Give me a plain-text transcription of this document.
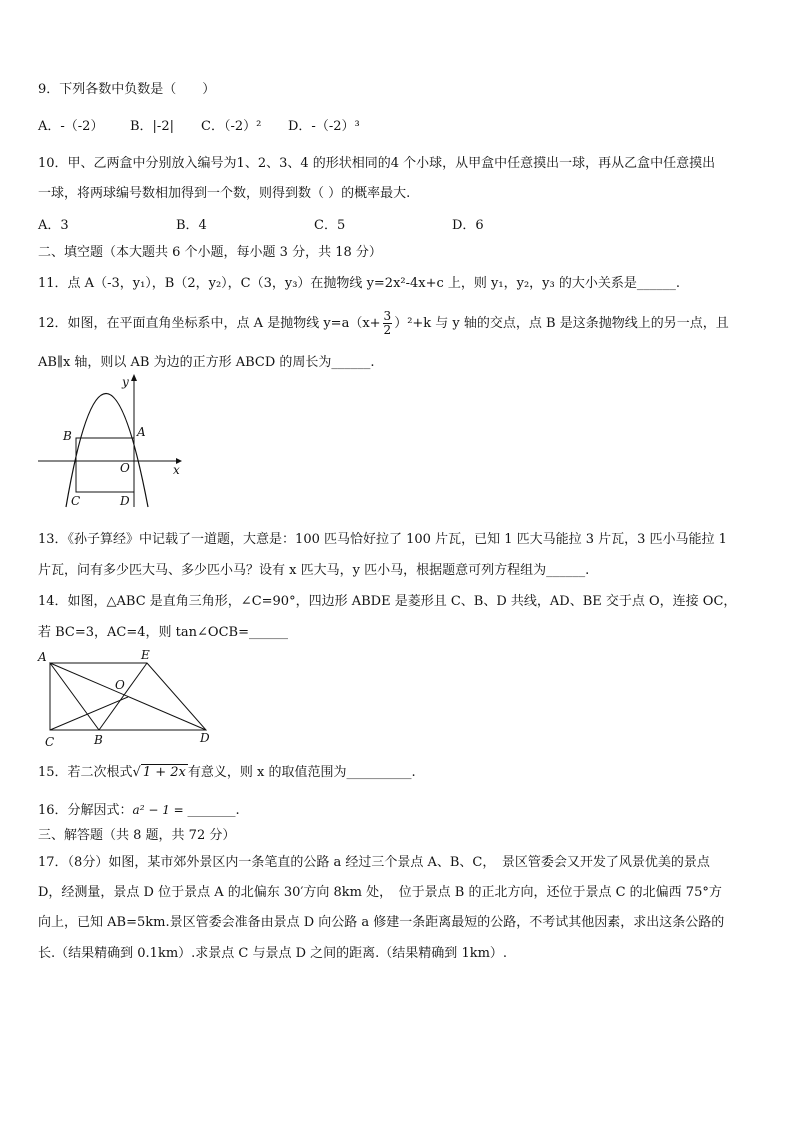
9．下列各数中负数是（　　）
A．-（-2） B．|-2| C．（-2）² D．-（-2）³
10．甲、乙两盒中分别放入编号为1、2、3、4 的形状相同的4 个小球，从甲盒中任意摸出一球，再从乙盒中任意摸出
一球，将两球编号数相加得到一个数，则得到数（ ）的概率最大.
A．3	B．4	C．5	D．6
二、填空题（本大题共 6 个小题，每小题 3 分，共 18 分）
11．点 A（-3，y₁），B（2，y₂），C（3，y₃）在抛物线 y=2x²-4x+c 上，则 y₁，y₂，y₃ 的大小关系是______.
12．如图，在平面直角坐标系中，点 A 是抛物线 $y=a(x+ \frac{3}{2} )^2+k$ 与 y 轴的交点，点 B 是这条抛物线上的另一点，且
AB∥x 轴，则以 AB 为边的正方形 ABCD 的周长为______.
y
x
B	A
O
C	D
13．《孙子算经》中记载了一道题，大意是：100 匹马恰好拉了 100 片瓦，已知 1 匹大马能拉 3 片瓦，3 匹小马能拉 1
片瓦，问有多少匹大马、多少匹小马？设有 x 匹大马，y 匹小马，根据题意可列方程组为______.
14．如图，△ABC 是直角三角形，∠C=90°，四边形 ABDE 是菱形且 C、B、D 共线，AD、BE 交于点 O，连接 OC，
若 BC=3，AC=4，则 tan∠OCB=______
A	E
O
C	B	D
15．若二次根式√ 1 + 2x 有意义，则 x 的取值范围为__________.
16．分解因式：a² − 1 = ________.
三、解答题（共 8 题，共 72 分）
17．（8分）如图，某市郊外景区内一条笔直的公路 a 经过三个景点 A、B、C，　景区管委会又开发了风景优美的景点
D，经测量，景点 D 位于景点 A 的北偏东 30′方向 8km 处，　位于景点 B 的正北方向，还位于景点 C 的北偏西 75°方
向上，已知 AB=5km.景区管委会准备由景点 D 向公路 a 修建一条距离最短的公路，不考试其他因素，求出这条公路的
长.（结果精确到 0.1km）.求景点 C 与景点 D 之间的距离.（结果精确到 1km）.
